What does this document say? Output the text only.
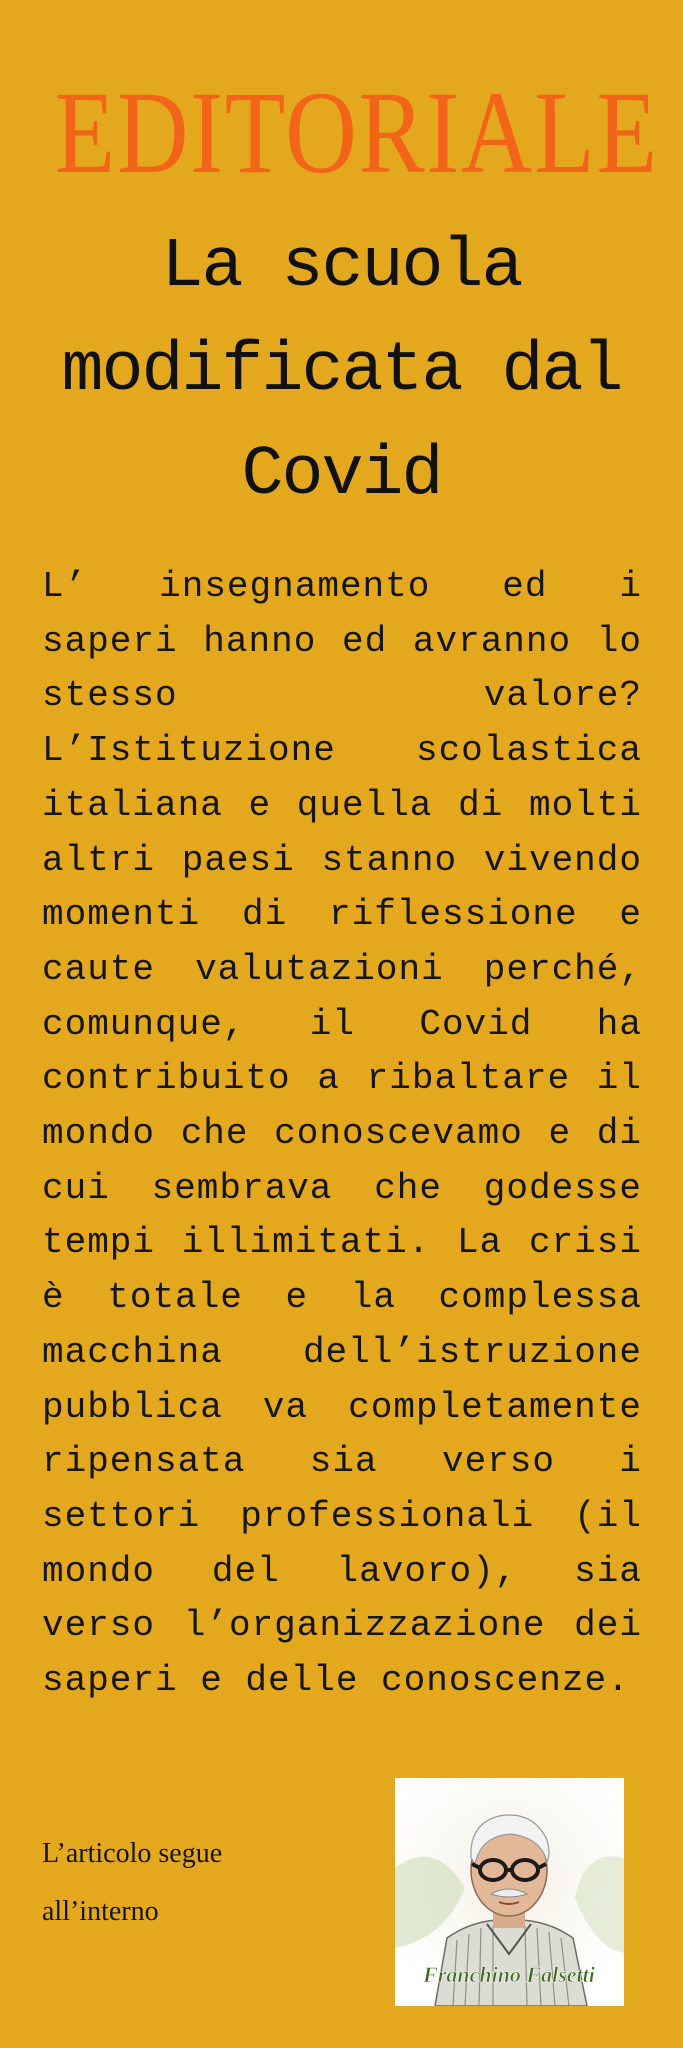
EDITORIALE
La scuola modificata dal Covid
L’ insegnamento ed i saperi hanno ed avranno lo stesso valore? L’Istituzione scolastica italiana e quella di molti altri paesi stanno vivendo momenti di riflessione e caute valutazioni perché, comunque, il Covid ha contribuito a ribaltare il mondo che conoscevamo e di cui sembrava che godesse tempi illimitati. La crisi è totale e la complessa macchina dell’istruzione pubblica va completamente ripensata sia verso i settori professionali (il mondo del lavoro), sia verso l’organizzazione dei saperi e delle conoscenze.
L’articolo segue
all’interno
Franchino Falsetti
